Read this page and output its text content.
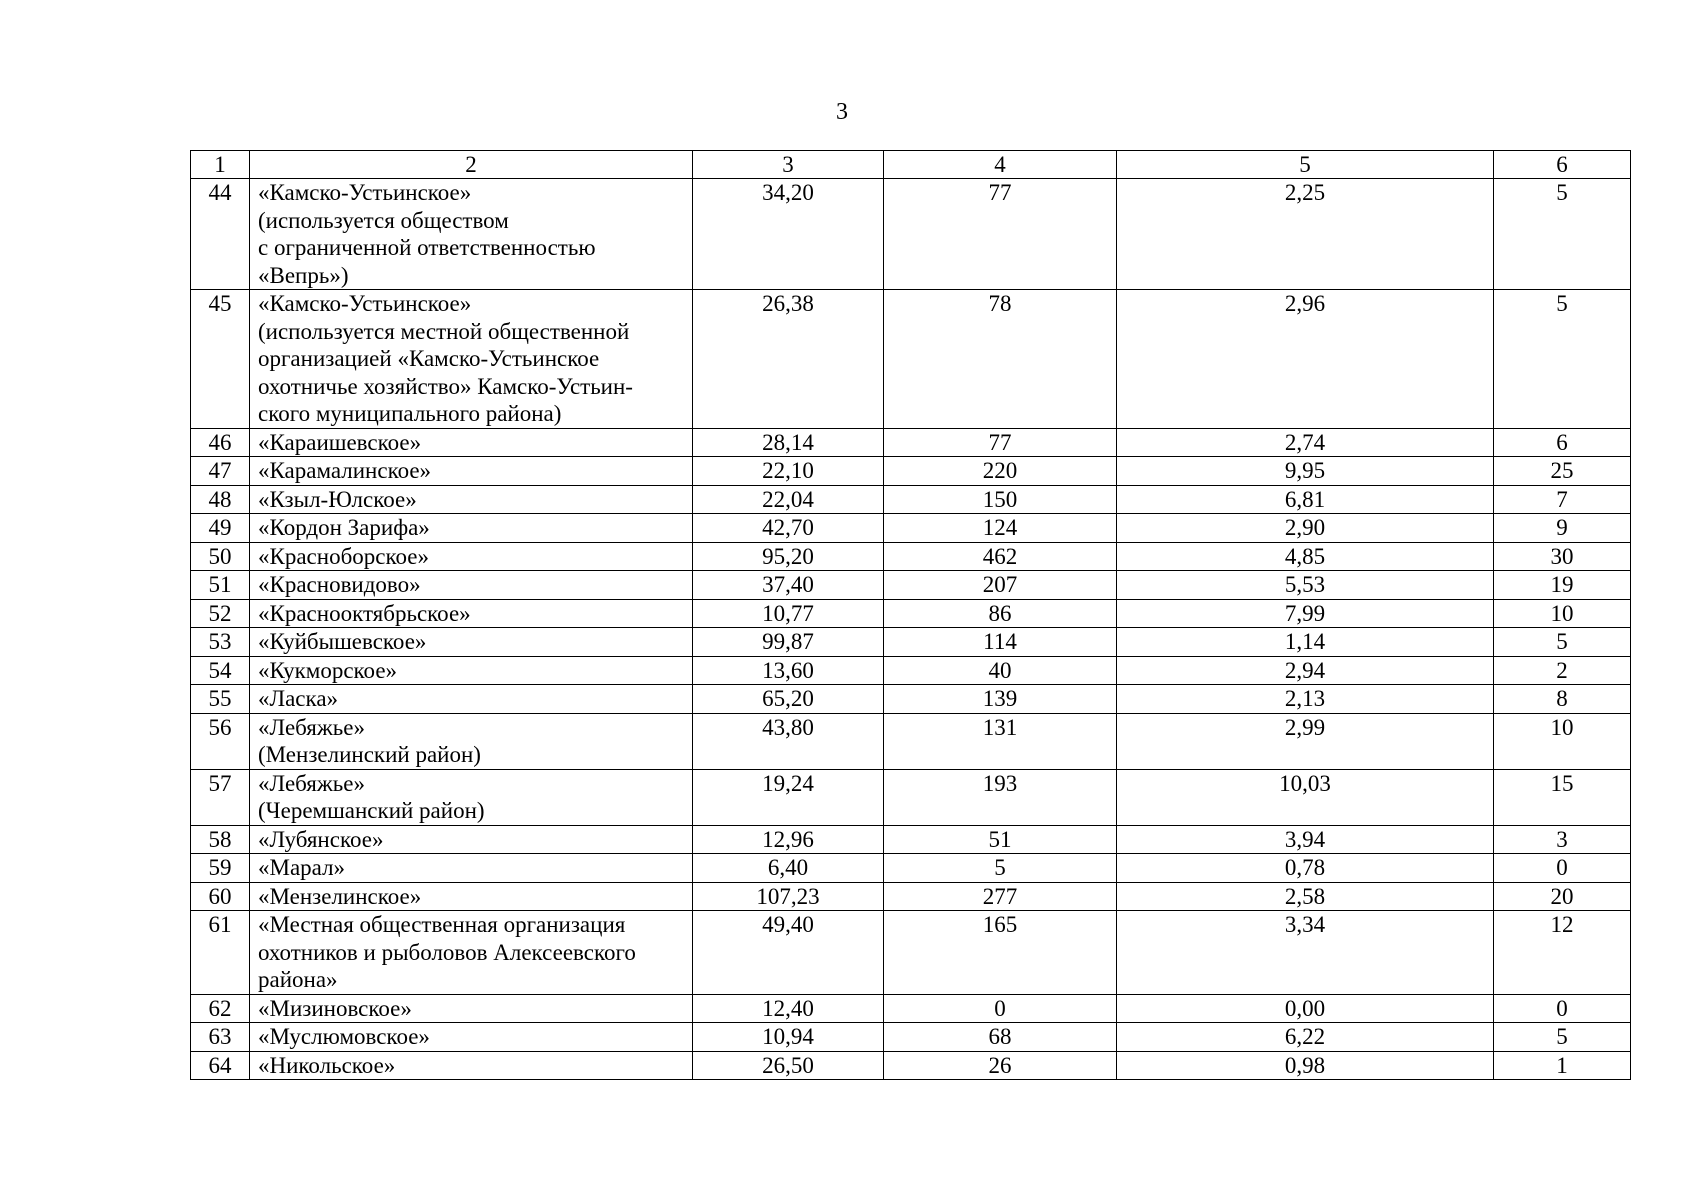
3
1	2	3	4	5	6
44	«Камско-Устьинское»
(используется обществом
с ограниченной ответственностью
«Вепрь»)	34,20	77	2,25	5
45	«Камско-Устьинское»
(используется местной общественной
организацией «Камско-Устьинское
охотничье хозяйство» Камско-Устьин-
ского муниципального района)	26,38	78	2,96	5
46	«Караишевское»	28,14	77	2,74	6
47	«Карамалинское»	22,10	220	9,95	25
48	«Кзыл-Юлское»	22,04	150	6,81	7
49	«Кордон Зарифа»	42,70	124	2,90	9
50	«Красноборское»	95,20	462	4,85	30
51	«Красновидово»	37,40	207	5,53	19
52	«Краснооктябрьское»	10,77	86	7,99	10
53	«Куйбышевское»	99,87	114	1,14	5
54	«Кукморское»	13,60	40	2,94	2
55	«Ласка»	65,20	139	2,13	8
56	«Лебяжье»
(Мензелинский район)	43,80	131	2,99	10
57	«Лебяжье»
(Черемшанский район)	19,24	193	10,03	15
58	«Лубянское»	12,96	51	3,94	3
59	«Марал»	6,40	5	0,78	0
60	«Мензелинское»	107,23	277	2,58	20
61	«Местная общественная организация
охотников и рыболовов Алексеевского
района»	49,40	165	3,34	12
62	«Мизиновское»	12,40	0	0,00	0
63	«Муслюмовское»	10,94	68	6,22	5
64	«Никольское»	26,50	26	0,98	1
